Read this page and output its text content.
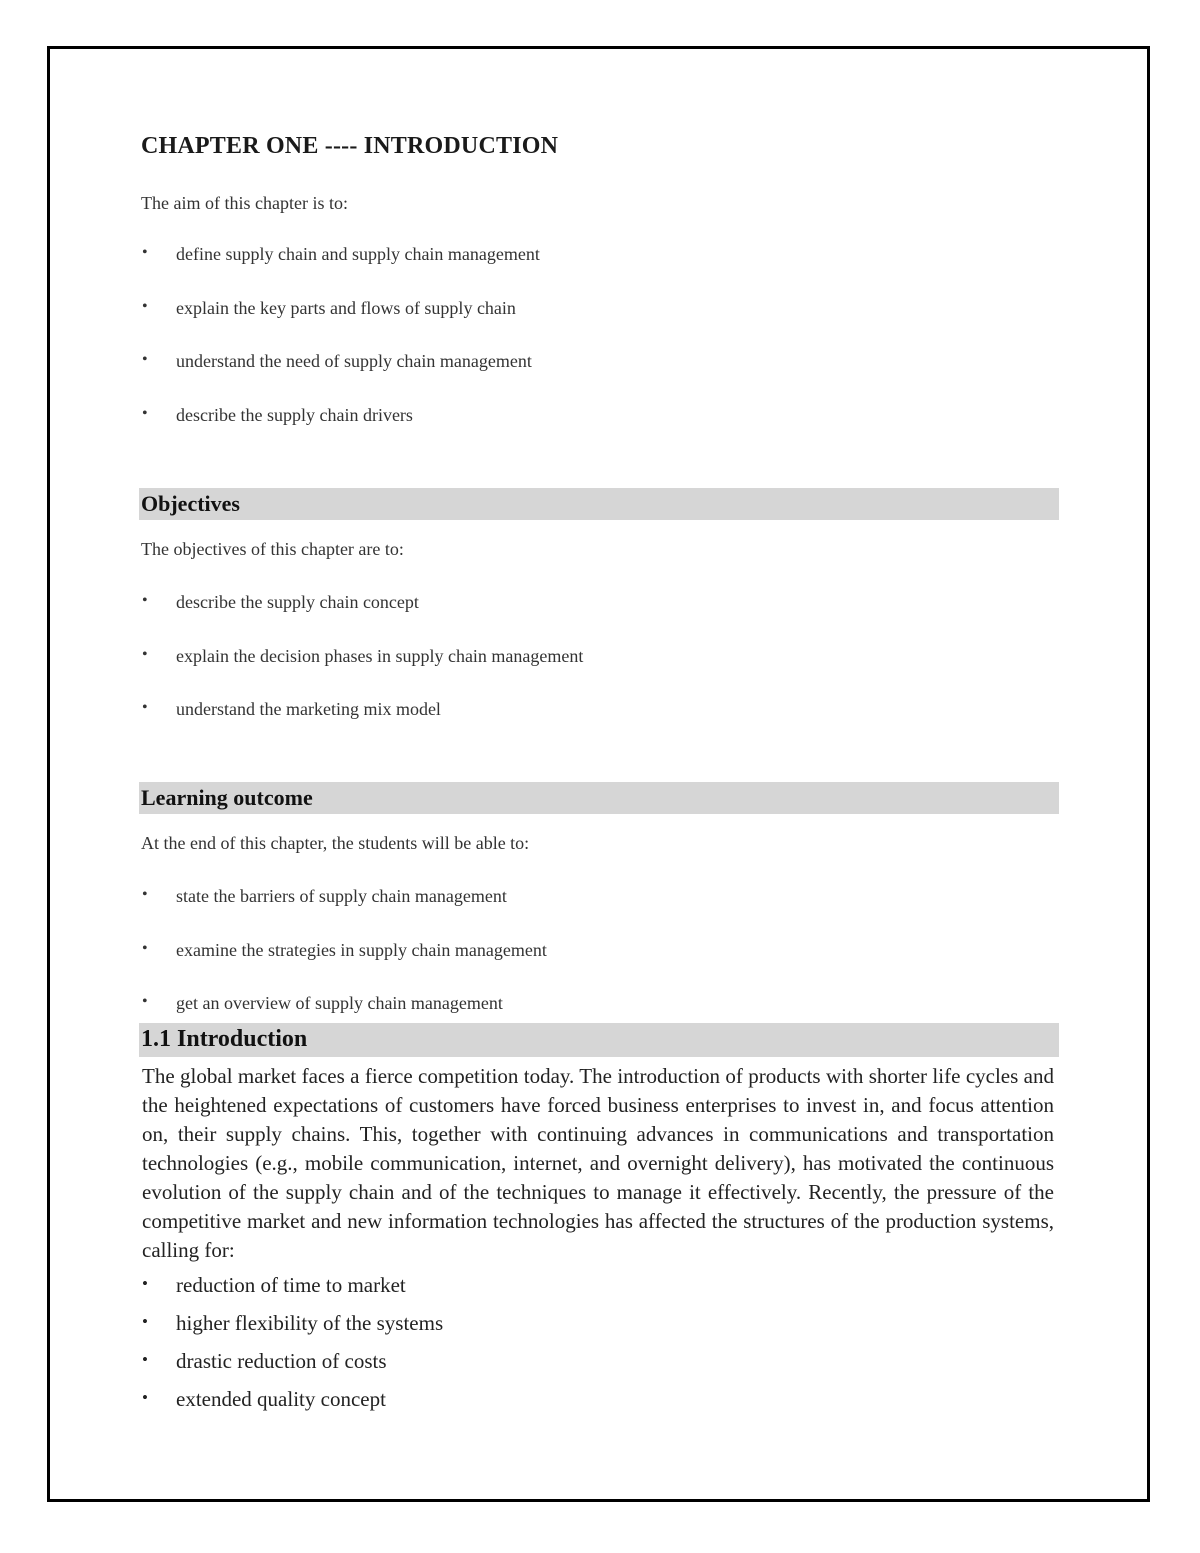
CHAPTER ONE ---- INTRODUCTION

The aim of this chapter is to:

• define supply chain and supply chain management
• explain the key parts and flows of supply chain
• understand the need of supply chain management
• describe the supply chain drivers
Objectives

The objectives of this chapter are to:

• describe the supply chain concept
• explain the decision phases in supply chain management
• understand the marketing mix model
Learning outcome

At the end of this chapter, the students will be able to:

• state the barriers of supply chain management
• examine the strategies in supply chain management
• get an overview of supply chain management
1.1 Introduction

The global market faces a fierce competition today. The introduction of products with shorter life cycles and the heightened expectations of customers have forced business enterprises to invest in, and focus attention on, their supply chains. This, together with continuing advances in communications and transportation technologies (e.g., mobile communication, internet, and overnight delivery), has motivated the continuous evolution of the supply chain and of the techniques to manage it effectively. Recently, the pressure of the competitive market and new information technologies has affected the structures of the production systems, calling for:

• reduction of time to market
• higher flexibility of the systems
• drastic reduction of costs
• extended quality concept
